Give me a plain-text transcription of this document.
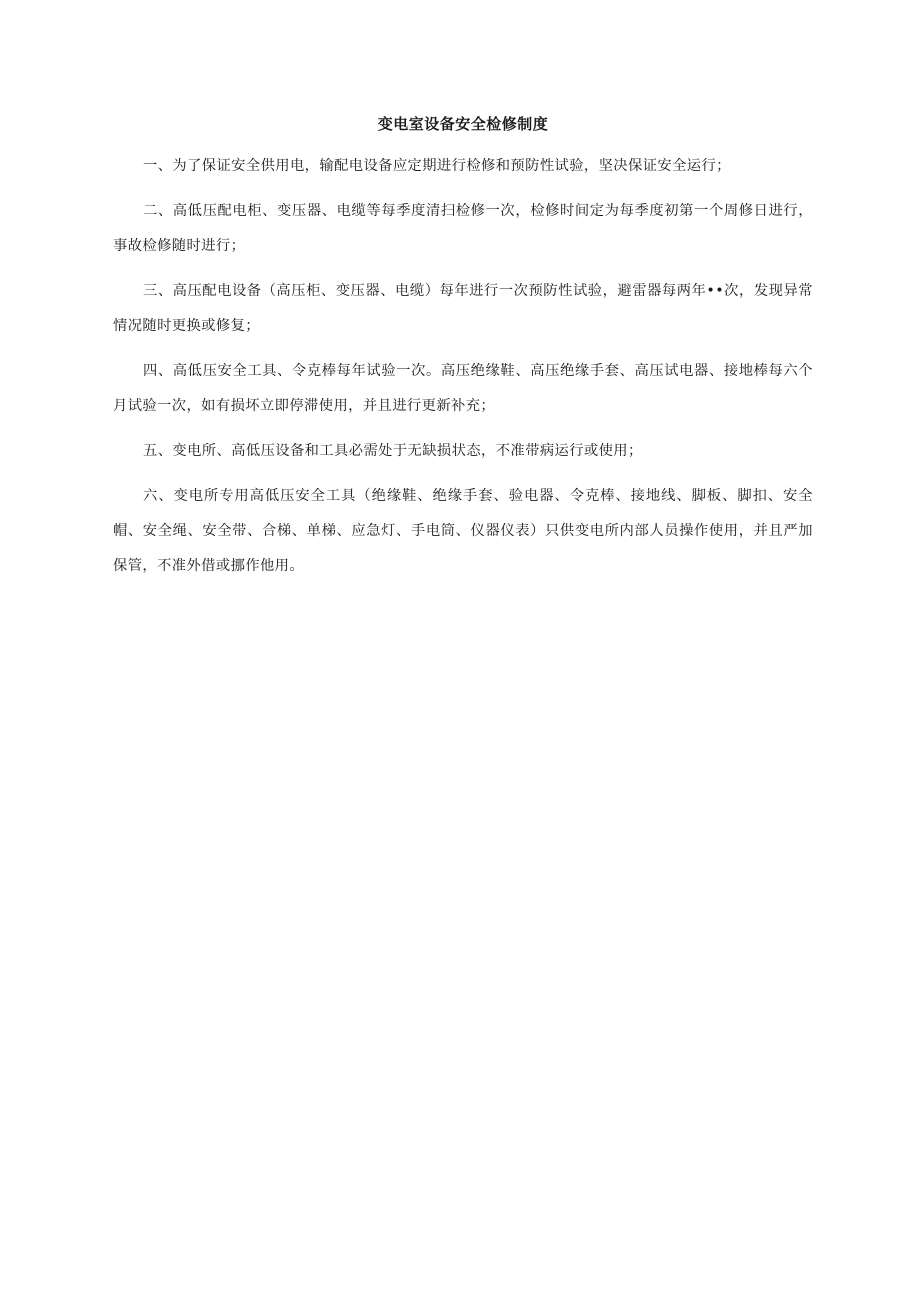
变电室设备安全检修制度

一、为了保证安全供用电，输配电设备应定期进行检修和预防性试验，坚决保证安全运行；

二、高低压配电柜、变压器、电缆等每季度清扫检修一次，检修时间定为每季度初第一个周修日进行，事故检修随时进行；

三、高压配电设备（高压柜、变压器、电缆）每年进行一次预防性试验，避雷器每两年••次，发现异常情况随时更换或修复；

四、高低压安全工具、令克棒每年试验一次。高压绝缘鞋、高压绝缘手套、高压试电器、接地棒每六个月试验一次，如有损坏立即停滞使用，并且进行更新补充；

五、变电所、高低压设备和工具必需处于无缺损状态，不准带病运行或使用；

六、变电所专用高低压安全工具（绝缘鞋、绝缘手套、验电器、令克棒、接地线、脚板、脚扣、安全帽、安全绳、安全带、合梯、单梯、应急灯、手电筒、仪器仪表）只供变电所内部人员操作使用，并且严加保管，不准外借或挪作他用。
